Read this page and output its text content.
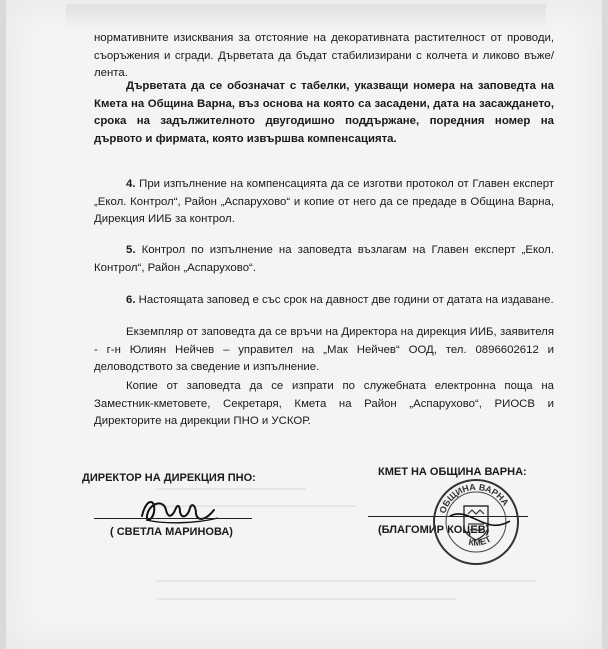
нормативните изисквания за отстояние на декоративната растителност от проводи, съоръжения и сгради. Дърветата да бъдат стабилизирани с колчета и ликово въже/лента.

Дърветата да се обозначат с табелки, указващи номера на заповедта на Кмета на Община Варна, въз основа на която са засадени, дата на засаждането, срока на задължителното двугодишно поддържане, поредния номер на дървото и фирмата, която извършва компенсацията.

4. При изпълнение на компенсацията да се изготви протокол от Главен експерт „Екол. Контрол“, Район „Аспарухово“ и копие от него да се предаде в Община Варна, Дирекция ИИБ за контрол.

5. Контрол по изпълнение на заповедта възлагам на Главен експерт „Екол. Контрол“, Район „Аспарухово“.

6. Настоящата заповед е със срок на давност две години от датата на издаване.

Екземпляр от заповедта да се връчи на Директора на дирекция ИИБ, заявителя - г-н Юлиян Нейчев – управител на „Мак Нейчев“ ООД, тел. 0896602612 и деловодството за сведение и изпълнение.

Копие от заповедта да се изпрати по служебната електронна поща на Заместник-кметовете, Секретаря, Кмета на Район „Аспарухово“, РИОСВ и Директорите на дирекции ПНО и УСКОР.

ДИРЕКТОР НА ДИРЕКЦИЯ ПНО:
( СВЕТЛА МАРИНОВА)
КМЕТ НА ОБЩИНА ВАРНА:
(БЛАГОМИР КОЦЕВ)
ОБЩИНА ВАРНА
КМЕТ
